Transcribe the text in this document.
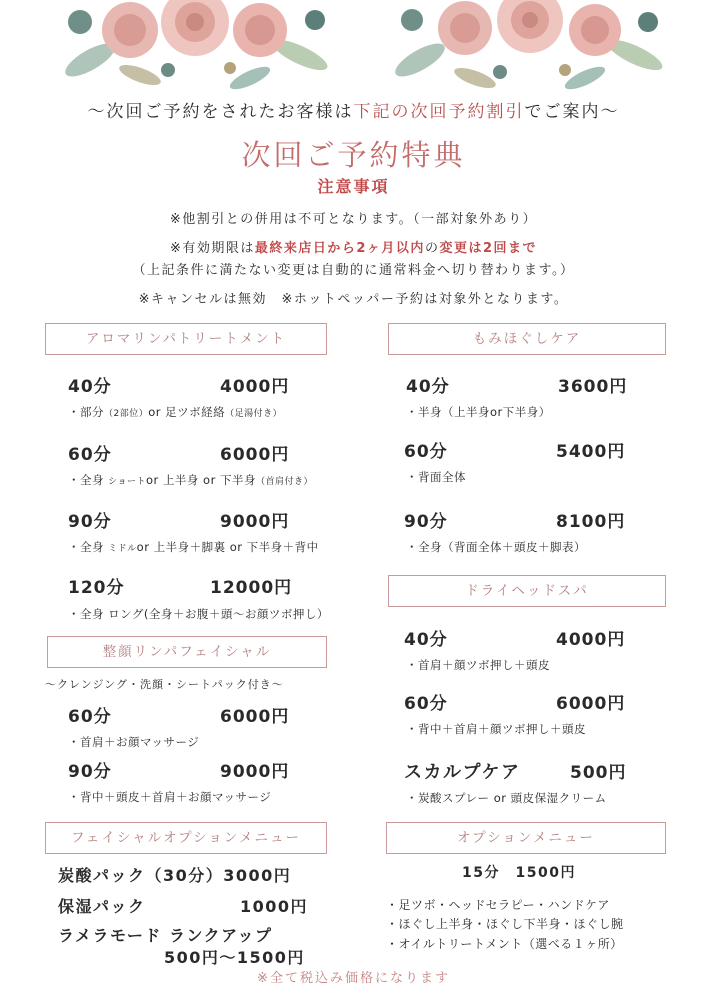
〜次回ご予約をされたお客様は下記の次回予約割引でご案内〜
次回ご予約特典
注意事項
※他割引との併用は不可となります。（一部対象外あり）
※有効期限は最終来店日から2ヶ月以内の変更は2回まで
（上記条件に満たない変更は自動的に通常料金へ切り替わります。）
※キャンセルは無効　※ホットペッパー予約は対象外となります。
アロマリンパトリートメント
40分	4000円
・部分（2部位）or 足ツボ経絡（足湯付き）
60分	6000円
・全身 ショートor 上半身 or 下半身（首肩付き）
90分	9000円
・全身 ミドルor 上半身＋脚裏 or 下半身＋背中
120分	12000円
・全身 ロング(全身＋お腹＋頭〜お顔ツボ押し）
整顔リンパフェイシャル
〜クレンジング・洗顔・シートパック付き〜
60分	6000円
・首肩＋お顔マッサージ
90分	9000円
・背中＋頭皮＋首肩＋お顔マッサージ
フェイシャルオプションメニュー
炭酸パック（30分）3000円
保湿パック	1000円
ラメラモード ランクアップ
500円〜1500円
もみほぐしケア
40分	3600円
・半身（上半身or下半身）
60分	5400円
・背面全体
90分	8100円
・全身（背面全体＋頭皮＋脚表）
ドライヘッドスパ
40分	4000円
・首肩＋顔ツボ押し＋頭皮
60分	6000円
・背中＋首肩＋顔ツボ押し＋頭皮
スカルプケア	500円
・炭酸スプレー or 頭皮保湿クリーム
オプションメニュー
15分　1500円
・足ツボ・ヘッドセラピー・ハンドケア
・ほぐし上半身・ほぐし下半身・ほぐし腕
・オイルトリートメント（選べる１ヶ所）
※全て税込み価格になります
